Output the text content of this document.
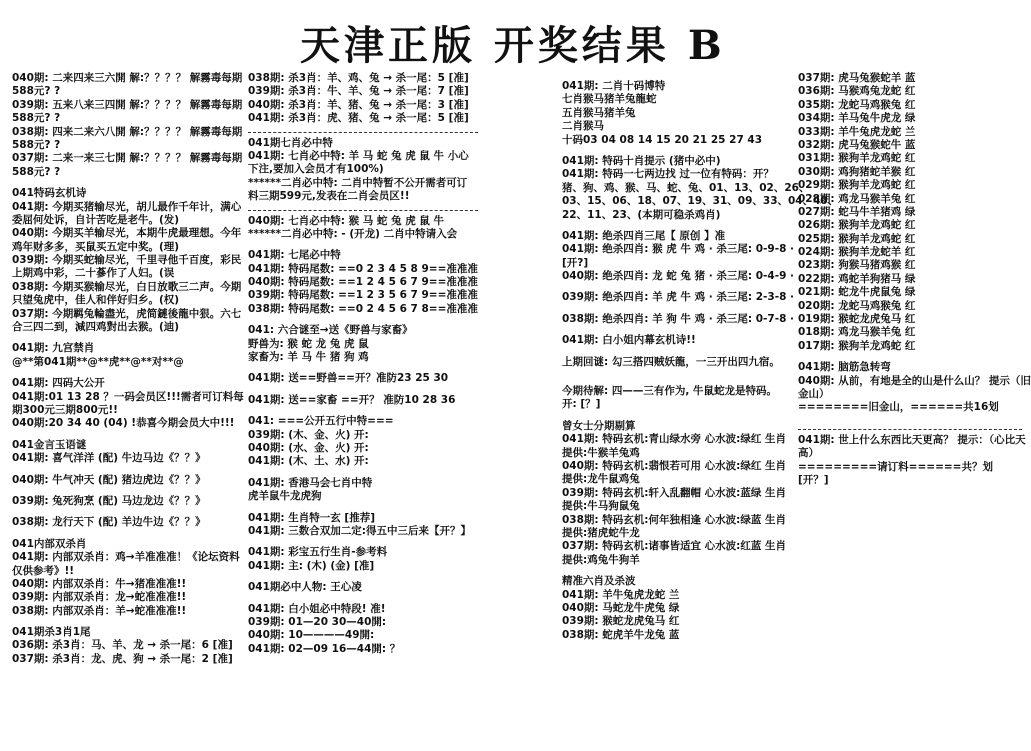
天津正版 开奖结果 B
040期: 二来四来三六開 解:？？？？ 解霧毒每期
588元? ?
039期: 五来八来三四開 解:？？？？ 解霧毒每期
588元? ?
038期: 四来二来六八開 解:？？？？ 解霧毒每期
588元? ?
037期: 二来一来三七開 解:？？？？ 解霧毒每期
588元? ?
041特码玄机诗
041期: 今期买猪输尽光，胡儿最作千年计，满心
委屈何处诉，自计苦吃是老牛。(发)
040期: 今期买羊输尽光，本期牛虎最理想。今年
鸡年财多多，买鼠买五定中奖。(理)
039期: 今期买蛇输尽光，千里寻他千百度，彩民
上期鸡中彩，二十蔘作了人妇。(误
038期: 今期买猴输尽光，白日放歌三二声。今期
只望兔虎中，佳人和伴好归乡。(权)
037期: 今期羁兔輪盡光，虎简鏈後龍中狠。六七
合三四二到，減四鸡對出去猴。(迪)
041期: 九宫禁肖
@**第041期**@**虎**@**对**@
041期: 四码大公开
041期:01 13 28 ？一码会员区!!!需者可订料每
期300元三期800元!!
040期:20 34 40 (04) !恭喜今期会员大中!!!
041金言玉语谜
041期: 喜气洋洋 (配) 牛边马边《？？》
040期: 牛气冲天 (配) 猪边虎边《？？》
039期: 兔死狗烹 (配) 马边龙边《？？》
038期: 龙行天下 (配) 羊边牛边《？？》
041内部双杀肖
041期: 内部双杀肖：鸡→羊准准准！《论坛资料
仅供参考》!!
040期: 内部双杀肖：牛→猪准准准!!
039期: 内部双杀肖：龙→蛇准准准!!
038期: 内部双杀肖：羊→蛇准准准!!
041期杀3肖1尾
036期: 杀3肖：马、羊、龙 → 杀一尾：6 [准]
037期: 杀3肖：龙、虎、狗 → 杀一尾：2 [准]
038期: 杀3肖：羊、鸡、兔 → 杀一尾：5 [准]
039期: 杀3肖：牛、羊、兔 → 杀一尾：7 [准]
040期: 杀3肖：羊、猪、兔 → 杀一尾：3 [准]
041期: 杀3肖：虎、猪、兔 → 杀一尾：5 [准]
041期七肖必中特
041期: 七肖必中特: 羊 马 蛇 兔 虎 鼠 牛 小心
下注,要加入会员才有100%)
******二肖必中特: 二肖中特暂不公开需者可订
料三期599元,发表在二肖会员区!!
040期: 七肖必中特: 猴 马 蛇 兔 虎 鼠 牛
******二肖必中特: - (开龙) 二肖中特请入会
041期: 七尾必中特
041期: 特码尾数: ==0 2 3 4 5 8 9==准准准
040期: 特码尾数: ==1 2 4 5 6 7 9==准准准
039期: 特码尾数: ==1 2 3 5 6 7 9==准准准
038期: 特码尾数: ==0 2 4 5 6 7 8==准准准
041: 六合谜至→送《野兽与家畜》
野兽为: 猴 蛇 龙 兔 虎 鼠
家畜为: 羊 马 牛 猪 狗 鸡
041期: 送==野兽==开？准防23 25 30
041期: 送==家畜 ==开？ 准防10 28 36
041: ===公开五行中特===
039期: (木、金、火) 开:
040期: (水、金、火) 开:
041期: (木、土、水) 开:
041期: 香港马会七肖中特
虎羊鼠牛龙虎狗
041期: 生肖特一玄 [推荐]
041期: 三数合双加二定:得五中三后来【开？】
041期: 彩宝五行生肖-参考料
041期: 主: (木) (金) [准]
041期必中人物: 王心凌
041期: 白小姐必中特段! 准!
039期: 01—20 30—40開:
040期: 10————49開:
041期: 02—09 16—44開: ？
041期: 二肖十码博特
七肖猴马猪羊兔龍蛇
五肖猴马猪羊兔
二肖猴马
十码03 04 08 14 15 20 21 25 27 43
041期: 特码十肖提示 (猪中必中)
041期: 特码一七两边找 过一位有特码：开？
猪、狗、鸡、猴、马、蛇、兔、01、13、02、26、
03、15、06、18、07、19、31、09、33、04、40、
22、11、23、(本期可稳杀鸡肖)
041期: 绝杀四肖三尾【 原创 】准
041期: 绝杀四肖: 猴 虎 牛 鸡 · 杀三尾: 0-9-8 ·
[开?]
040期: 绝杀四肖: 龙 蛇 兔 猪 · 杀三尾: 0-4-9 ·
039期: 绝杀四肖: 羊 虎 牛 鸡 · 杀三尾: 2-3-8 ·
038期: 绝杀四肖: 羊 狗 牛 鸡 · 杀三尾: 0-7-8 ·
041期: 白小姐内幕玄机诗!!
上期回谜: 勾三搭四贼妖龍，一三开出四九宿。
今期待解: 四——三有作为, 牛鼠蛇龙是特码。
开: [？]
曾女士分期剔算
041期: 特码玄机:青山绿水旁 心水波:绿红 生肖
提供:牛猴羊兔鸡
040期: 特码玄机:翡恨若可用 心水波:绿红 生肖
提供:龙牛鼠鸡兔
039期: 特码玄机:轩入乱翻帽 心水波:蓝绿 生肖
提供:牛马狗鼠兔
038期: 特码玄机:何年独相逢 心水波:绿蓝 生肖
提供:猪虎蛇牛龙
037期: 特码玄机:诸事皆适宜 心水波:红蓝 生肖
提供:鸡兔牛狗羊
精准六肖及杀波
041期: 羊牛兔虎龙蛇 兰
040期: 马蛇龙牛虎兔 绿
039期: 猴蛇龙虎兔马 红
038期: 蛇虎羊牛龙兔 蓝
037期: 虎马兔猴蛇羊 蓝
036期: 马猴鸡兔龙蛇 红
035期: 龙蛇马鸡猴兔 红
034期: 羊马兔牛虎龙 绿
033期: 羊牛兔虎龙蛇 兰
032期: 虎马兔猴蛇牛 蓝
031期: 猴狗羊龙鸡蛇 红
030期: 鸡狗猪蛇羊猴 红
029期: 猴狗羊龙鸡蛇 红
028期: 鸡龙马猴羊兔 红
027期: 蛇马牛羊猪鸡 绿
026期: 猴狗羊龙鸡蛇 红
025期: 猴狗羊龙鸡蛇 红
024期: 猴狗羊龙蛇羊 红
023期: 狗猴马猪鸡猴 红
022期: 鸡蛇羊狗猪马 绿
021期: 蛇龙牛虎鼠兔 绿
020期: 龙蛇马鸡猴兔 红
019期: 猴蛇龙虎兔马 红
018期: 鸡龙马猴羊兔 红
017期: 猴狗羊龙鸡蛇 红
041期: 脑筋急转弯
040期: 从前，有地是全的山是什么山？ 提示（旧
金山）
========旧金山，======共16划
041期: 世上什么东西比天更高？ 提示：（心比天
高）
=========请订料======共？划
[开？]
